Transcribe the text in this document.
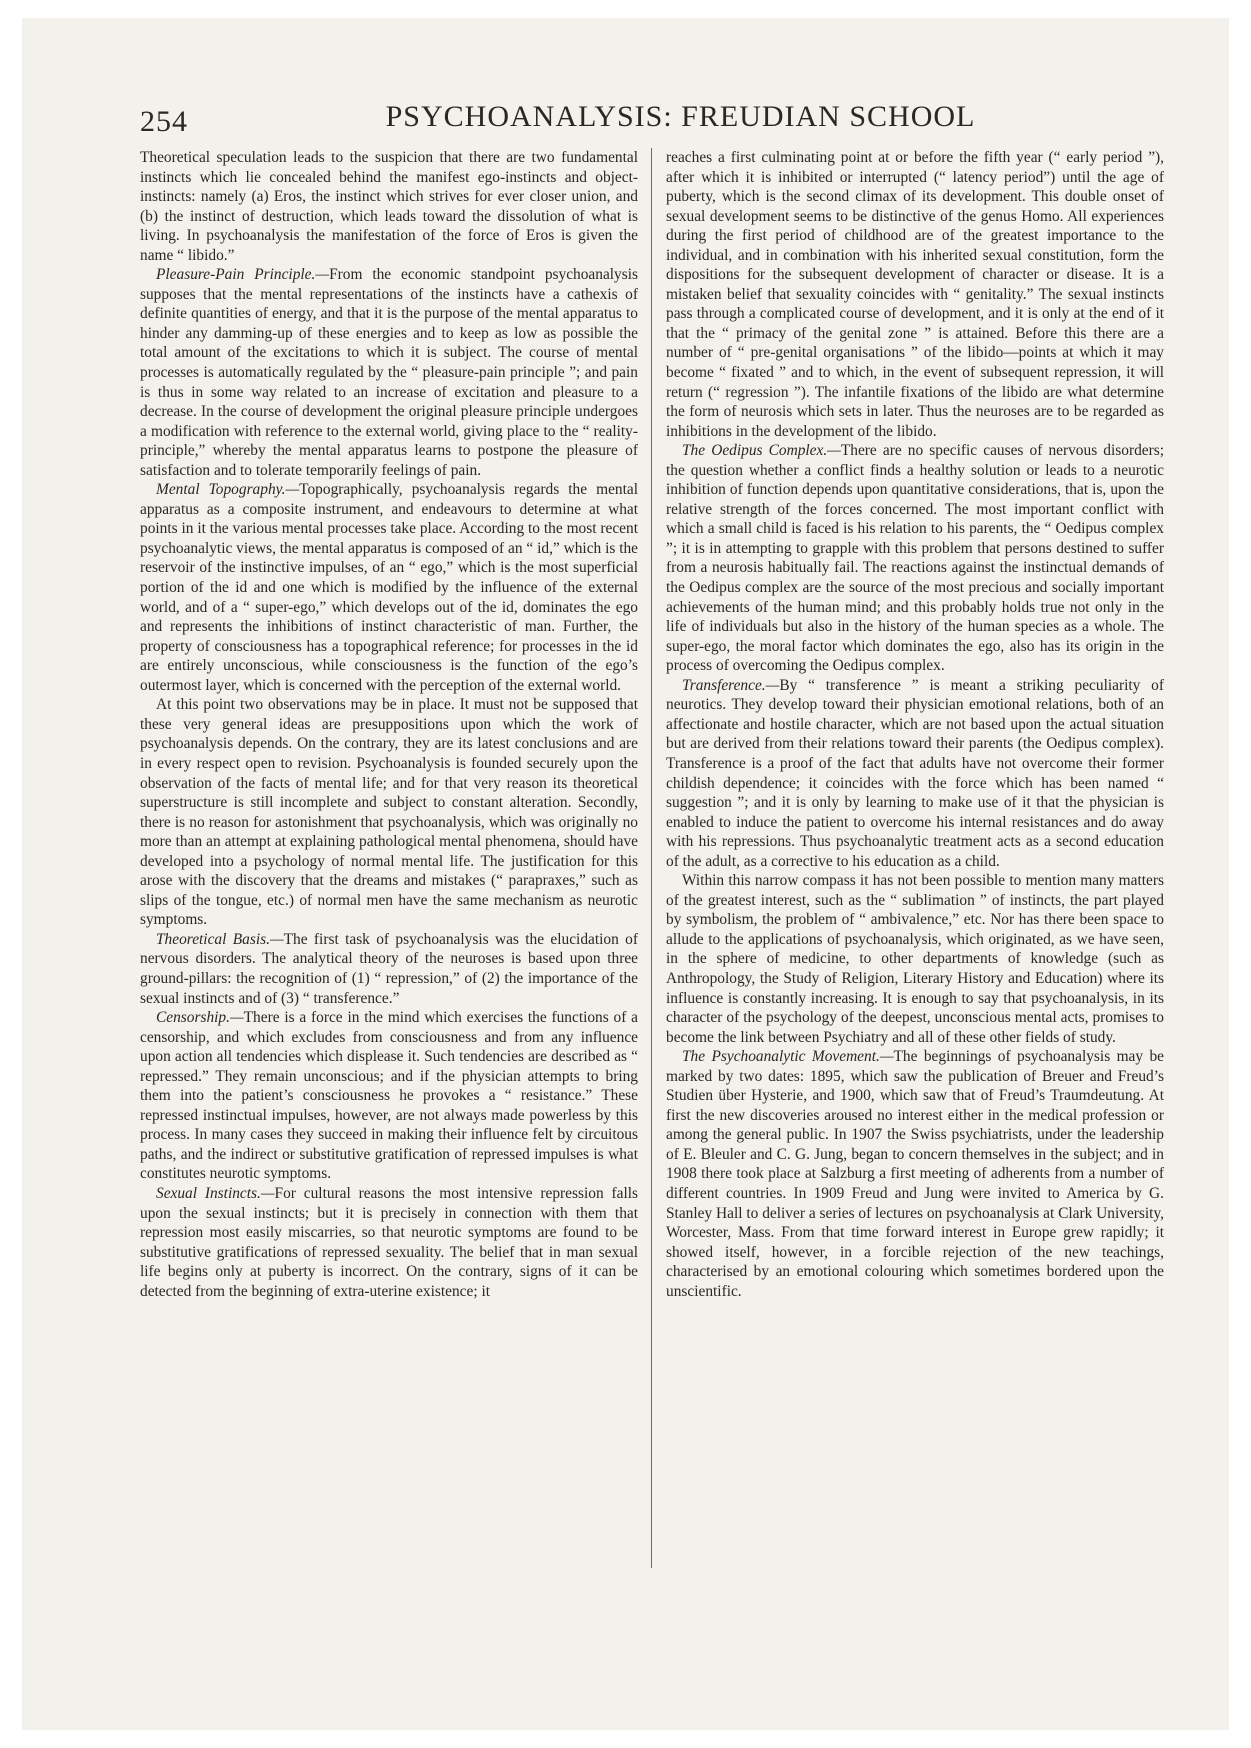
254	PSYCHOANALYSIS: FREUDIAN SCHOOL

Theoretical speculation leads to the suspicion that there are two fundamental instincts which lie concealed behind the manifest ego-instincts and object-instincts: namely (a) Eros, the instinct which strives for ever closer union, and (b) the instinct of destruction, which leads toward the dissolution of what is living. In psychoanalysis the manifestation of the force of Eros is given the name “ libido.”

Pleasure-Pain Principle.—From the economic standpoint psychoanalysis supposes that the mental representations of the instincts have a cathexis of definite quantities of energy, and that it is the purpose of the mental apparatus to hinder any damming-up of these energies and to keep as low as possible the total amount of the excitations to which it is subject. The course of mental processes is automatically regulated by the “ pleasure-pain principle ”; and pain is thus in some way related to an increase of excitation and pleasure to a decrease. In the course of development the original pleasure principle undergoes a modification with reference to the external world, giving place to the “ reality-principle,” whereby the mental apparatus learns to postpone the pleasure of satisfaction and to tolerate temporarily feelings of pain.

Mental Topography.—Topographically, psychoanalysis regards the mental apparatus as a composite instrument, and endeavours to determine at what points in it the various mental processes take place. According to the most recent psychoanalytic views, the mental apparatus is composed of an “ id,” which is the reservoir of the instinctive impulses, of an “ ego,” which is the most superficial portion of the id and one which is modified by the influence of the external world, and of a “ super-ego,” which develops out of the id, dominates the ego and represents the inhibitions of instinct characteristic of man. Further, the property of consciousness has a topographical reference; for processes in the id are entirely unconscious, while consciousness is the function of the ego’s outermost layer, which is concerned with the perception of the external world.

At this point two observations may be in place. It must not be supposed that these very general ideas are presuppositions upon which the work of psychoanalysis depends. On the contrary, they are its latest conclusions and are in every respect open to revision. Psychoanalysis is founded securely upon the observation of the facts of mental life; and for that very reason its theoretical superstructure is still incomplete and subject to constant alteration. Secondly, there is no reason for astonishment that psychoanalysis, which was originally no more than an attempt at explaining pathological mental phenomena, should have developed into a psychology of normal mental life. The justification for this arose with the discovery that the dreams and mistakes (“ parapraxes,” such as slips of the tongue, etc.) of normal men have the same mechanism as neurotic symptoms.

Theoretical Basis.—The first task of psychoanalysis was the elucidation of nervous disorders. The analytical theory of the neuroses is based upon three ground-pillars: the recognition of (1) “ repression,” of (2) the importance of the sexual instincts and of (3) “ transference.”

Censorship.—There is a force in the mind which exercises the functions of a censorship, and which excludes from consciousness and from any influence upon action all tendencies which displease it. Such tendencies are described as “ repressed.” They remain unconscious; and if the physician attempts to bring them into the patient’s consciousness he provokes a “ resistance.” These repressed instinctual impulses, however, are not always made powerless by this process. In many cases they succeed in making their influence felt by circuitous paths, and the indirect or substitutive gratification of repressed impulses is what constitutes neurotic symptoms.

Sexual Instincts.—For cultural reasons the most intensive repression falls upon the sexual instincts; but it is precisely in connection with them that repression most easily miscarries, so that neurotic symptoms are found to be substitutive gratifications of repressed sexuality. The belief that in man sexual life begins only at puberty is incorrect. On the contrary, signs of it can be detected from the beginning of extra-uterine existence; it

reaches a first culminating point at or before the fifth year (“ early period ”), after which it is inhibited or interrupted (“ latency period”) until the age of puberty, which is the second climax of its development. This double onset of sexual development seems to be distinctive of the genus Homo. All experiences during the first period of childhood are of the greatest importance to the individual, and in combination with his inherited sexual constitution, form the dispositions for the subsequent development of character or disease. It is a mistaken belief that sexuality coincides with “ genitality.” The sexual instincts pass through a complicated course of development, and it is only at the end of it that the “ primacy of the genital zone ” is attained. Before this there are a number of “ pre-genital organisations ” of the libido—points at which it may become “ fixated ” and to which, in the event of subsequent repression, it will return (“ regression ”). The infantile fixations of the libido are what determine the form of neurosis which sets in later. Thus the neuroses are to be regarded as inhibitions in the development of the libido.

The Oedipus Complex.—There are no specific causes of nervous disorders; the question whether a conflict finds a healthy solution or leads to a neurotic inhibition of function depends upon quantitative considerations, that is, upon the relative strength of the forces concerned. The most important conflict with which a small child is faced is his relation to his parents, the “ Oedipus complex ”; it is in attempting to grapple with this problem that persons destined to suffer from a neurosis habitually fail. The reactions against the instinctual demands of the Oedipus complex are the source of the most precious and socially important achievements of the human mind; and this probably holds true not only in the life of individuals but also in the history of the human species as a whole. The super-ego, the moral factor which dominates the ego, also has its origin in the process of overcoming the Oedipus complex.

Transference.—By “ transference ” is meant a striking peculiarity of neurotics. They develop toward their physician emotional relations, both of an affectionate and hostile character, which are not based upon the actual situation but are derived from their relations toward their parents (the Oedipus complex). Transference is a proof of the fact that adults have not overcome their former childish dependence; it coincides with the force which has been named “ suggestion ”; and it is only by learning to make use of it that the physician is enabled to induce the patient to overcome his internal resistances and do away with his repressions. Thus psychoanalytic treatment acts as a second education of the adult, as a corrective to his education as a child.

Within this narrow compass it has not been possible to mention many matters of the greatest interest, such as the “ sublimation ” of instincts, the part played by symbolism, the problem of “ ambivalence,” etc. Nor has there been space to allude to the applications of psychoanalysis, which originated, as we have seen, in the sphere of medicine, to other departments of knowledge (such as Anthropology, the Study of Religion, Literary History and Education) where its influence is constantly increasing. It is enough to say that psychoanalysis, in its character of the psychology of the deepest, unconscious mental acts, promises to become the link between Psychiatry and all of these other fields of study.

The Psychoanalytic Movement.—The beginnings of psychoanalysis may be marked by two dates: 1895, which saw the publication of Breuer and Freud’s Studien über Hysterie, and 1900, which saw that of Freud’s Traumdeutung. At first the new discoveries aroused no interest either in the medical profession or among the general public. In 1907 the Swiss psychiatrists, under the leadership of E. Bleuler and C. G. Jung, began to concern themselves in the subject; and in 1908 there took place at Salzburg a first meeting of adherents from a number of different countries. In 1909 Freud and Jung were invited to America by G. Stanley Hall to deliver a series of lectures on psychoanalysis at Clark University, Worcester, Mass. From that time forward interest in Europe grew rapidly; it showed itself, however, in a forcible rejection of the new teachings, characterised by an emotional colouring which sometimes bordered upon the unscientific.
